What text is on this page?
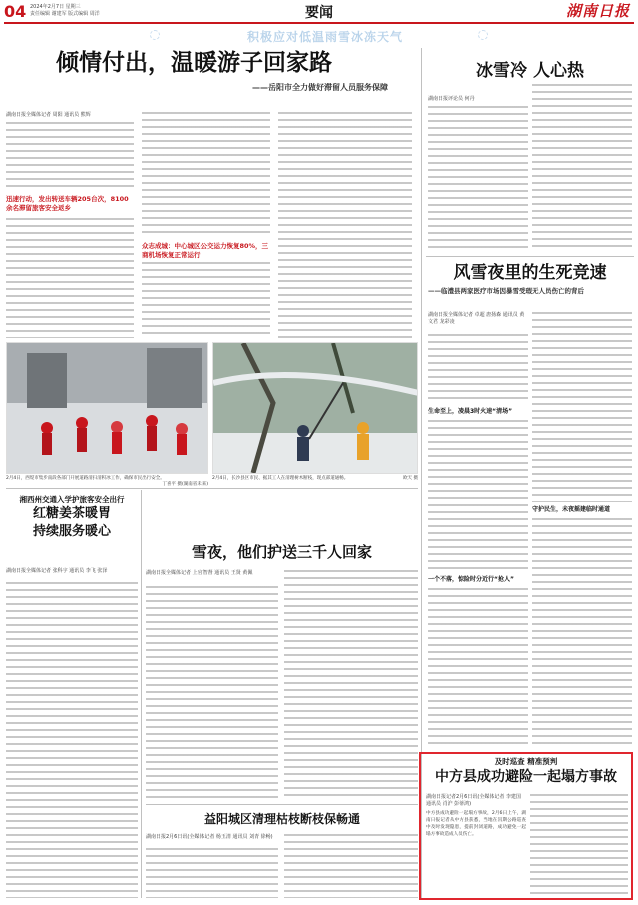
04 2024年2月7日 星期三
责任编辑 谢建军 版式编辑 周洋	要闻	湖南日报
积极应对低温雨雪冰冻天气
倾情付出，温暖游子回家路
——岳阳市全力做好滞留人员服务保障
湖南日报全媒体记者 周阳 通讯员 熊辉
迅速行动，发出转送车辆205台次，8100余名滞留旅客安全返乡
众志成城：中心城区公交运力恢复80%，三商机场恢复正常运行
2月4日，西堤市集步南段各部门开展道路清扫清积冰工作，确保市民出行安全。
丁喜平 摄(湖南省未来)
2月4日，长沙县区市民、据其工人在清理树木断枝，现点部道通畅。	欧天 摄
冰雪冷 人心热
湖南日报评论员 何丹
风雪夜里的生死竞速
——临澧县两家医疗市场因暴雪受瑕无人员伤亡的背后
湖南日报全媒体记者 卓超 唐扬森 通讯员 黄文君 龙彩凌
生命至上，凌晨3时火速“清场”
一个不落，惊险时分近行“抢人”
守护民生，未夜摇建临时通道
湘西州交通入学护旅客安全出行
红糖姜茶暖胃
持续服务暖心
湖南日报全媒体记者 张科宇 通讯员 李飞 张泽
雪夜，他们护送三千人回家
湖南日报全媒体记者 上官智督 通讯员 王贤 黄佩
益阳城区清理枯枝断枝保畅通
湖南日报2月6日讯(全媒体记者 杨玉清 通讯员 刘青 徐畅)
及时巡查 精准预判
中方县成功避险一起塌方事故
湖南日报记者2月6日讯(全媒体记者 李建国 通讯员 肖沪 彭蒂鸿)
中方县成功避险一起塌方事故，2月6日上午，湖南日报记者从中方县获悉，当地在汛期公路巡查中及时发现隐患，提前封闭道路，成功避免一起塌方事故造成人员伤亡。
